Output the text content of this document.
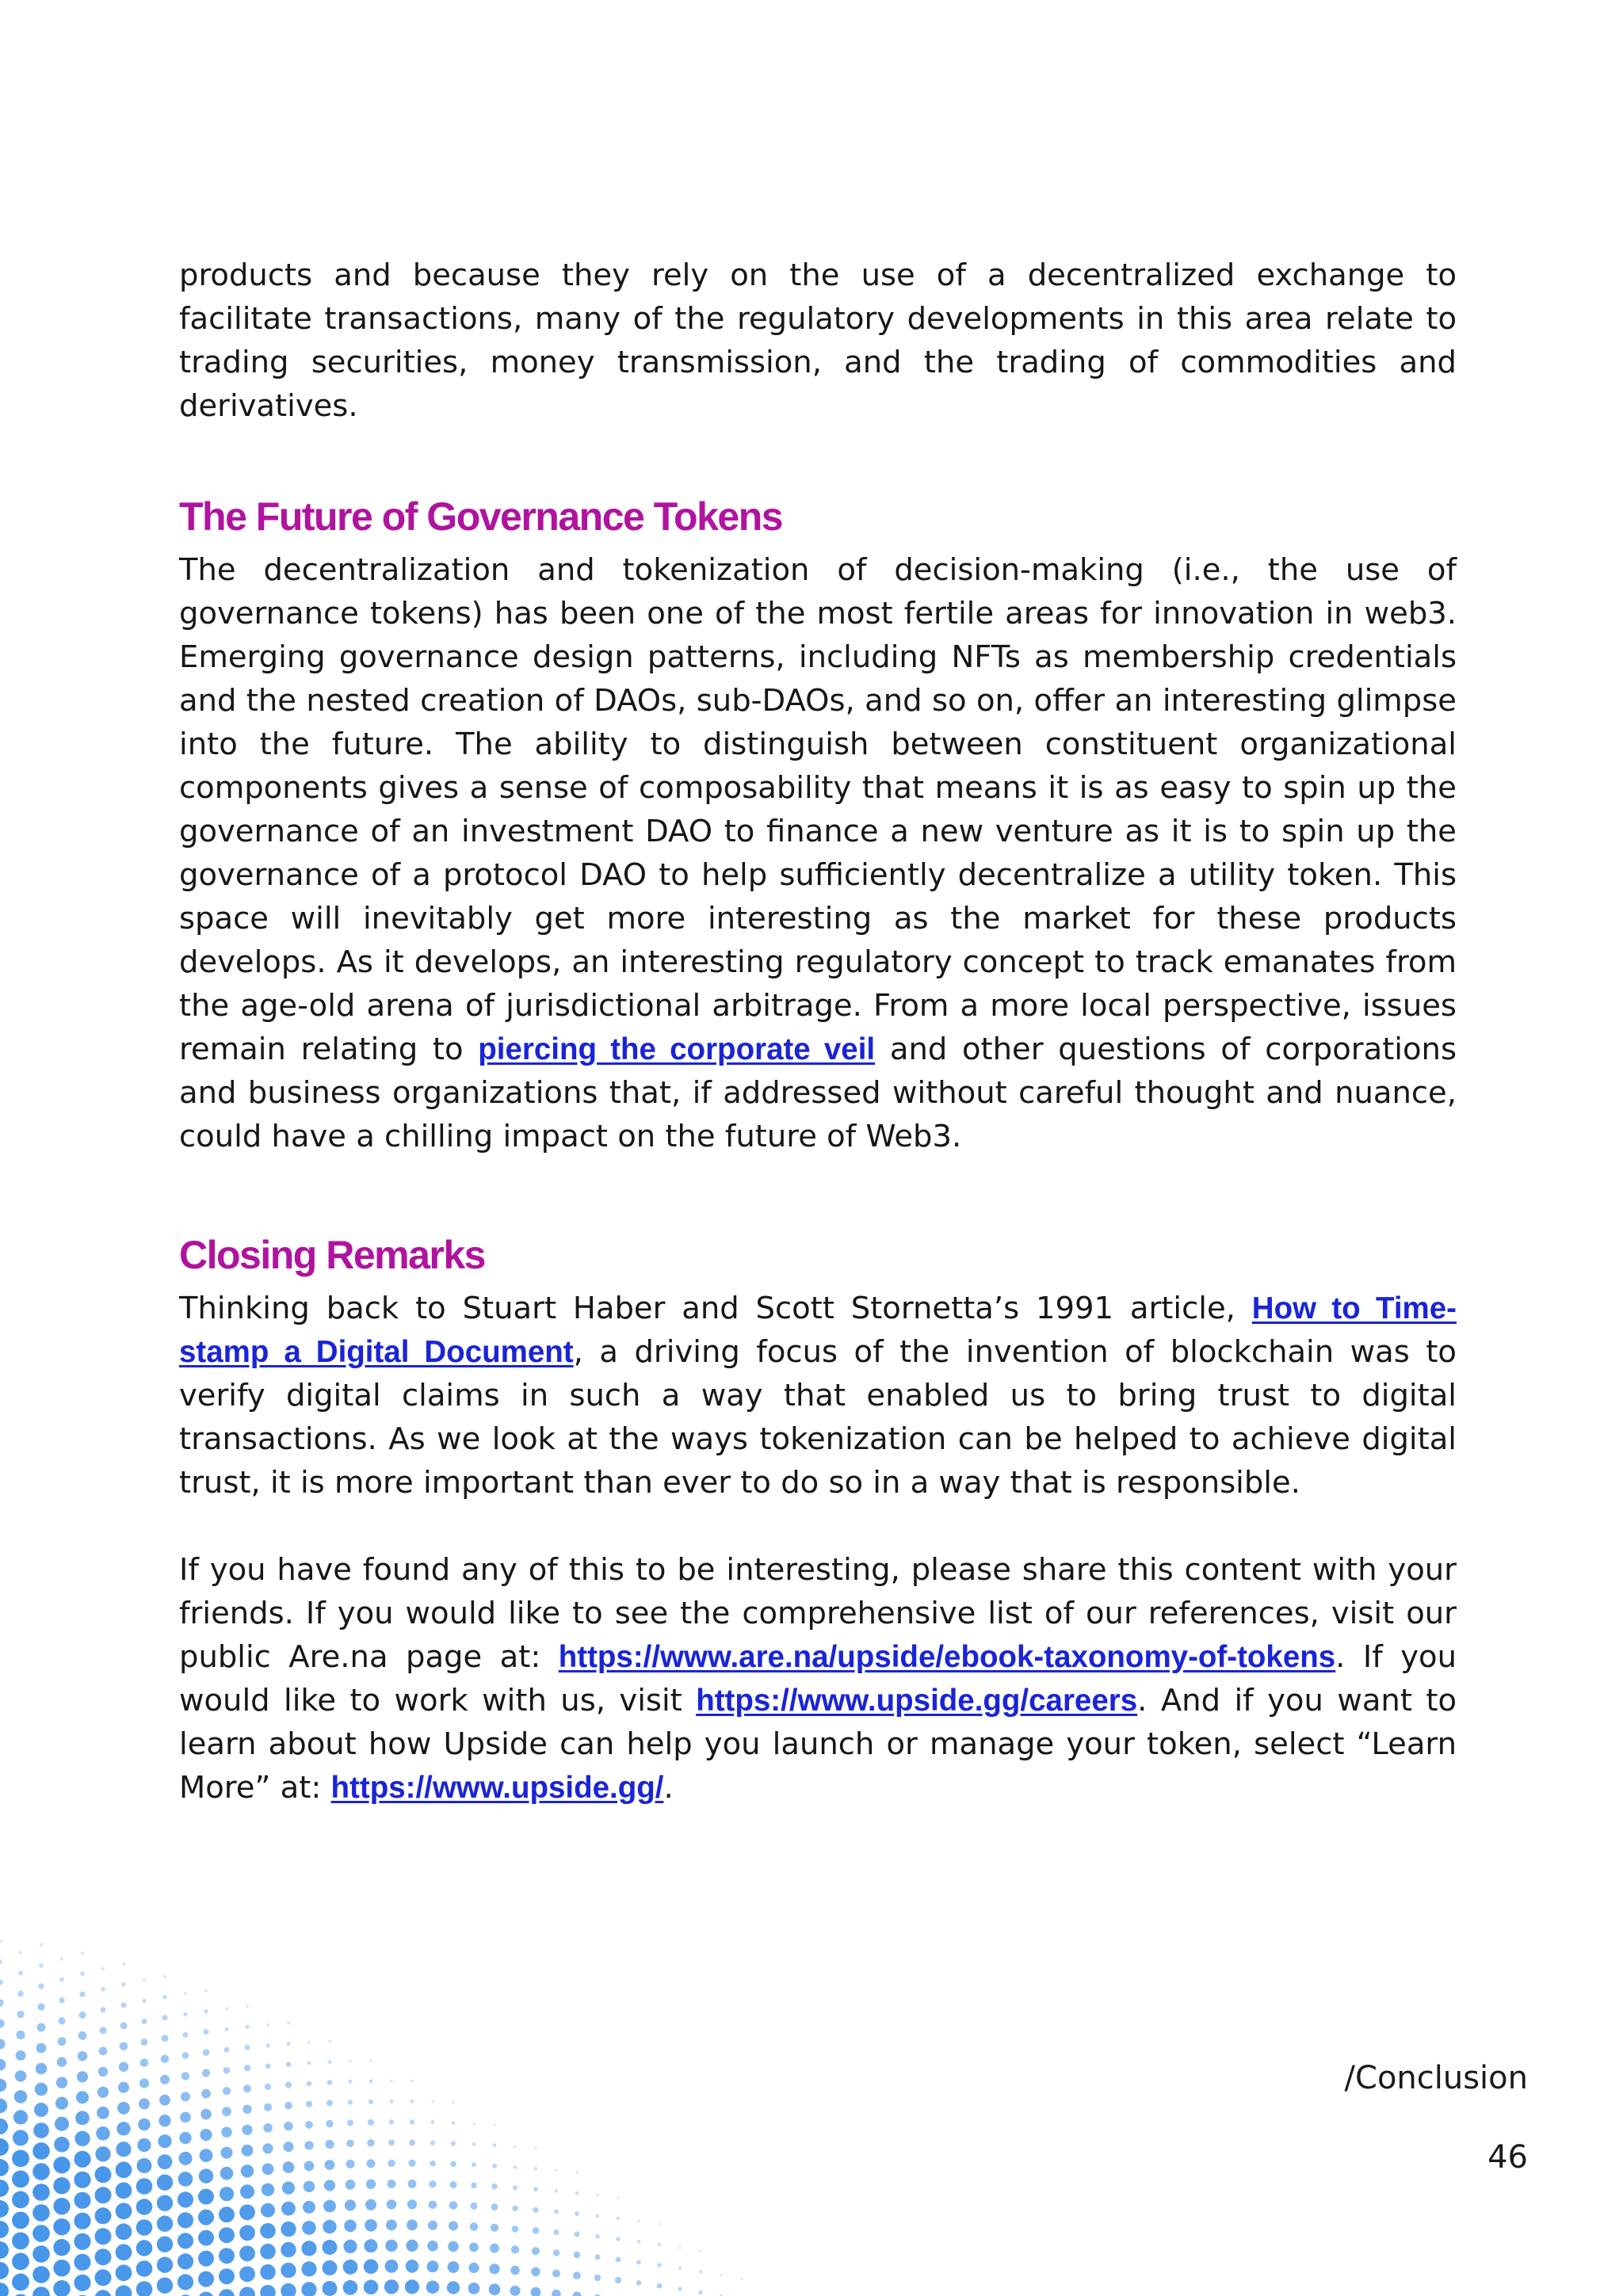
products and because they rely on the use of a decentralized exchange to facilitate transactions, many of the regulatory developments in this area relate to trading securities, money transmission, and the trading of commodities and derivatives.

The Future of Governance Tokens

The decentralization and tokenization of decision-making (i.e., the use of governance tokens) has been one of the most fertile areas for innovation in web3. Emerging governance design patterns, including NFTs as membership credentials and the nested creation of DAOs, sub-DAOs, and so on, offer an interesting glimpse into the future. The ability to distinguish between constituent organizational components gives a sense of composability that means it is as easy to spin up the governance of an investment DAO to finance a new venture as it is to spin up the governance of a protocol DAO to help sufficiently decentralize a utility token. This space will inevitably get more interesting as the market for these products develops. As it develops, an interesting regulatory concept to track emanates from the age-old arena of jurisdictional arbitrage. From a more local perspective, issues remain relating to piercing the corporate veil and other questions of corporations and business organizations that, if addressed without careful thought and nuance, could have a chilling impact on the future of Web3.

Closing Remarks

Thinking back to Stuart Haber and Scott Stornetta’s 1991 article, How to Time-stamp a Digital Document, a driving focus of the invention of blockchain was to verify digital claims in such a way that enabled us to bring trust to digital transactions. As we look at the ways tokenization can be helped to achieve digital trust, it is more important than ever to do so in a way that is responsible.

If you have found any of this to be interesting, please share this content with your friends. If you would like to see the comprehensive list of our references, visit our public Are.na page at: https://www.are.na/upside/ebook-taxonomy-of-tokens. If you would like to work with us, visit https://www.upside.gg/careers. And if you want to learn about how Upside can help you launch or manage your token, select “Learn More” at: https://www.upside.gg/.

/Conclusion
46
